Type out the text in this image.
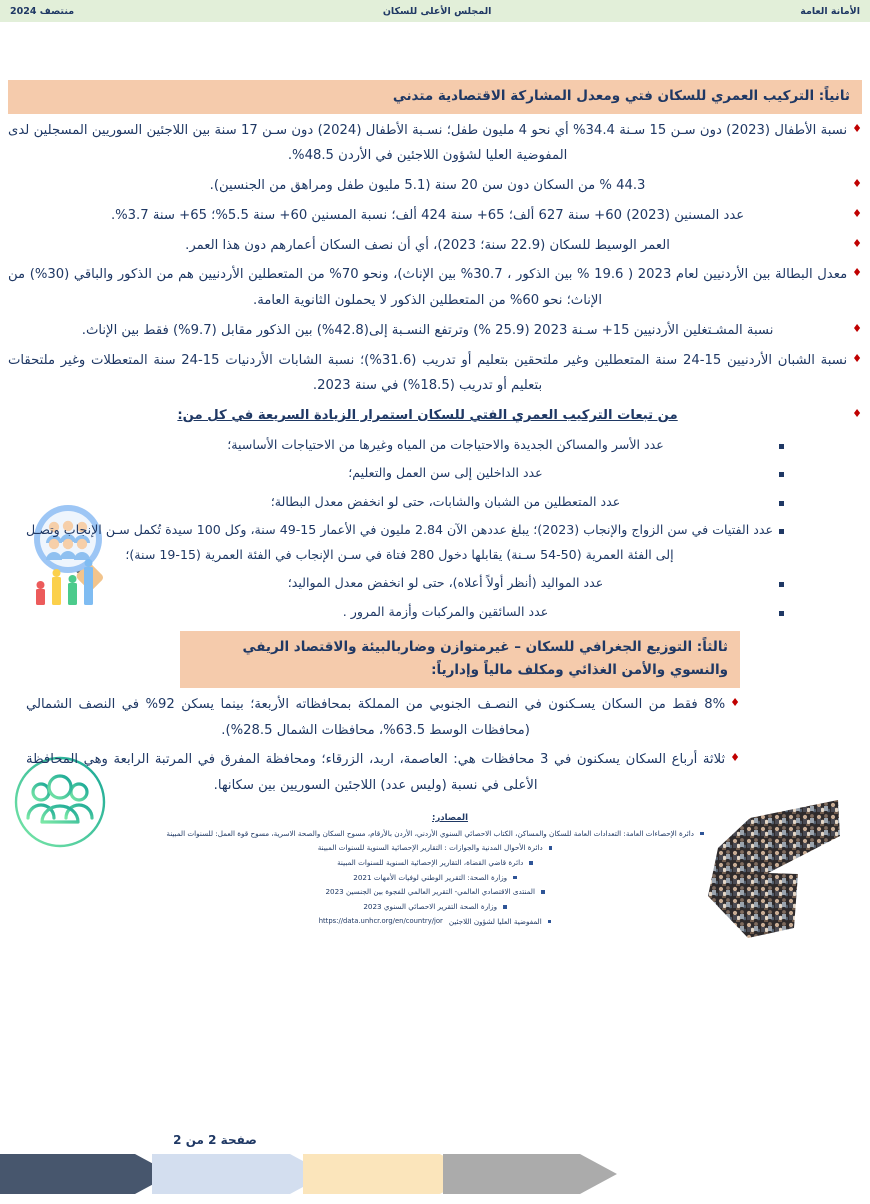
الأمانة العامة
المجلس الأعلى للسكان
منتصف 2024
ثانياً: التركيب العمري للسكان فتي ومعدل المشاركة الاقتصادية متدني
♦
نسبة الأطفال (2023) دون سـن 15 سـنة 34.4% أي نحو 4 مليون طفل؛ نسـبة الأطفال (2024) دون سـن 17 سنة بين اللاجئين السوريين المسجلين لدى المفوضية العليا لشؤون اللاجئين في الأردن 48.5%.
♦
44.3 % من السكان دون سن 20 سنة (5.1 مليون طفل ومراهق من الجنسين).
♦
عدد المسنين (2023) 60+ سنة 627 ألف؛ 65+ سنة 424 ألف؛ نسبة المسنين 60+ سنة 5.5%؛ 65+ سنة 3.7%.
♦
العمر الوسيط للسكان (22.9 سنة؛ 2023)، أي أن نصف السكان أعمارهم دون هذا العمر.
♦
معدل البطالة بين الأردنيين لعام 2023 ( 19.6 % بين الذكور ، 30.7% بين الإناث)، ونحو 70% من المتعطلين الأردنيين هم من الذكور والباقي (30%) من الإناث؛ نحو 60% من المتعطلين الذكور لا يحملون الثانوية العامة.
♦
نسبة المشـتغلين الأردنيين 15+ سـنة 2023 (25.9 %) وترتفع النسـبة إلى(42.8%) بين الذكور مقابل (9.7%) فقط بين الإناث.
♦
نسبة الشبان الأردنيين 15-24 سنة المتعطلين وغير ملتحقين بتعليم أو تدريب (31.6%)؛ نسبة الشابات الأردنيات 15-24 سنة المتعطلات وغير ملتحقات بتعليم أو تدريب (18.5%) في سنة 2023.
♦
من تبعات التركيب العمري الفتي للسكان استمرار الزيادة السريعة في كل من:
عدد الأسر والمساكن الجديدة والاحتياجات من المياه وغيرها من الاحتياجات الأساسية؛
عدد الداخلين إلى سن العمل والتعليم؛
عدد المتعطلين من الشبان والشابات، حتى لو انخفض معدل البطالة؛
عدد الفتيات في سن الزواج والإنجاب (2023)؛ يبلغ عددهن الآن 2.84 مليون في الأعمار 15-49 سنة، وكل 100 سيدة تُكمل سـن الإنجاب وتصـل إلى الفئة العمرية (50-54 سـنة) يقابلها دخول 280 فتاة في سـن الإنجاب في الفئة العمرية (15-19 سنة)؛
عدد المواليد (أنظر أولاً أعلاه)، حتى لو انخفض معدل المواليد؛
عدد السائقين والمركبات وأزمة المرور .
ثالثاً: التوزيع الجغرافي للسكان – غيرمتوازن وضاربالبيئة والاقتصاد الريفي والنسوي والأمن الغذائي ومكلف مالياً وإدارياً:
♦
8% فقط من السكان يسـكنون في النصـف الجنوبي من المملكة بمحافظاته الأربعة؛ بينما يسكن 92% في النصف الشمالي (محافظات الوسط 63.5%، محافظات الشمال 28.5%).
♦
ثلاثة أرباع السكان يسكنون في 3 محافظات هي: العاصمة، اربد، الزرقاء؛ ومحافظة المفرق في المرتبة الرابعة وهي المحافظة الأعلى في نسبة (وليس عدد) اللاجئين السوريين بين سكانها.
المصادر:
دائرة الإحصاءات العامة: التعدادات العامة للسكان والمساكن، الكتاب الاحصائي السنوي الأردني، الأردن بالأرقام، مسوح السكان والصحة الاسرية، مسوح قوة العمل: للسنوات المبينة
دائرة الأحوال المدنية والجوازات : التقارير الإحصائية السنوية للسنوات المبينة
دائرة قاضي القضاة، التقارير الإحصائية السنوية للسنوات المبينة
وزارة الصحة: التقرير الوطني لوفيات الأمهات 2021
المنتدى الاقتصادي العالمي- التقرير العالمي للفجوة بين الجنسين 2023
وزارة الصحة التقرير الاحصائي السنوي 2023
المفوضية العليا لشؤون اللاجئين
https://data.unhcr.org/en/country/jor
صفحة 2 من 2
